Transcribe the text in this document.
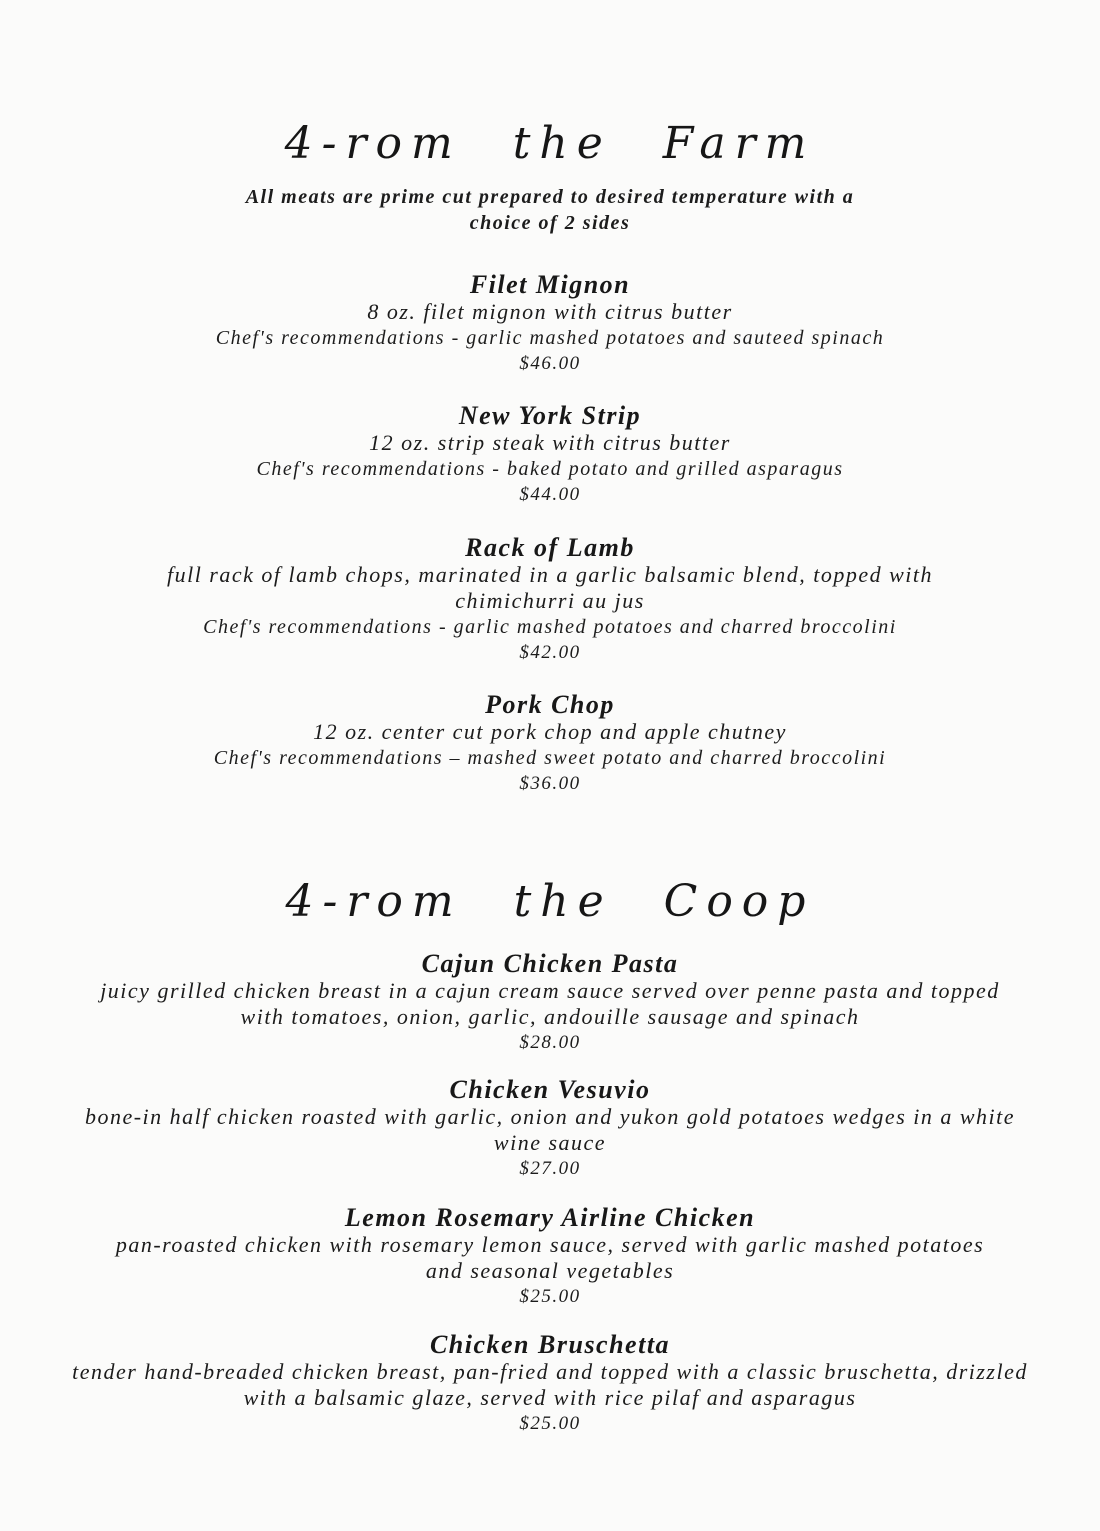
4-rom the Farm
All meats are prime cut prepared to desired temperature with a choice of 2 sides
Filet Mignon
8 oz. filet mignon with citrus butter
Chef's recommendations - garlic mashed potatoes and sauteed spinach
$46.00
New York Strip
12 oz. strip steak with citrus butter
Chef's recommendations - baked potato and grilled asparagus
$44.00
Rack of Lamb
full rack of lamb chops, marinated in a garlic balsamic blend, topped with chimichurri au jus
Chef's recommendations - garlic mashed potatoes and charred broccolini
$42.00
Pork Chop
12 oz. center cut pork chop and apple chutney
Chef's recommendations – mashed sweet potato and charred broccolini
$36.00
4-rom the Coop
Cajun Chicken Pasta
juicy grilled chicken breast in a cajun cream sauce served over penne pasta and topped with tomatoes, onion, garlic, andouille sausage and spinach
$28.00
Chicken Vesuvio
bone-in half chicken roasted with garlic, onion and yukon gold potatoes wedges in a white wine sauce
$27.00
Lemon Rosemary Airline Chicken
pan-roasted chicken with rosemary lemon sauce, served with garlic mashed potatoes and seasonal vegetables
$25.00
Chicken Bruschetta
tender hand-breaded chicken breast, pan-fried and topped with a classic bruschetta, drizzled with a balsamic glaze, served with rice pilaf and asparagus
$25.00
